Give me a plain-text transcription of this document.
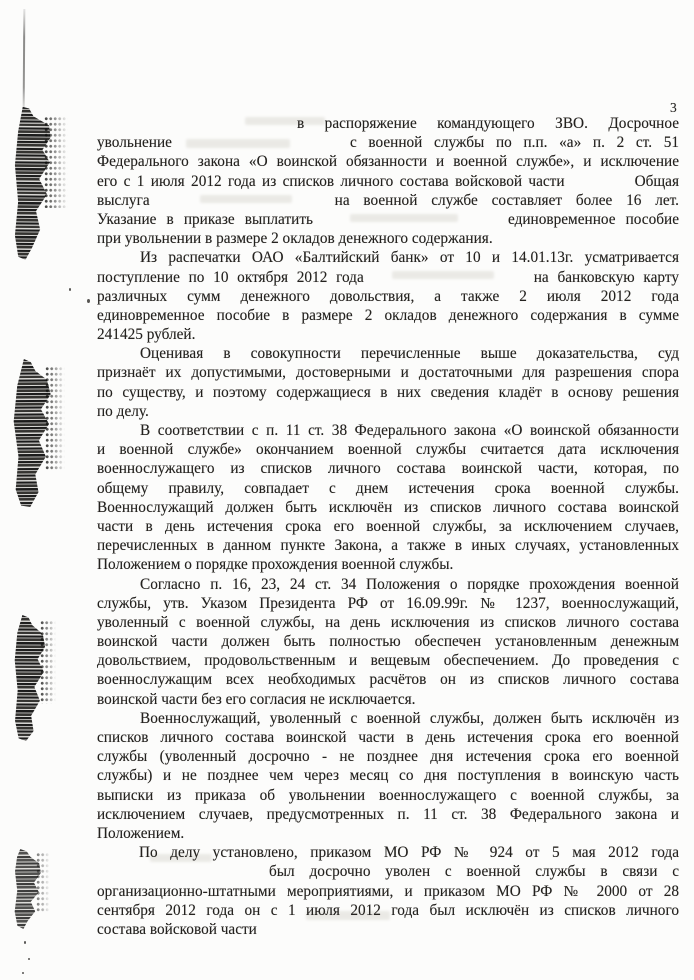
3
в распоряжение командующего ЗВО. Досрочное
увольнение	с военной службы по п.п. «а» п. 2 ст. 51
Федерального закона «О воинской обязанности и военной службе», и исключение
его с 1 июля 2012 года из списков личного состава войсковой части	Общая
выслуга	на военной службе составляет более 16 лет.
Указание в приказе выплатить	единовременное пособие
при увольнении в размере 2 окладов денежного содержания.
Из распечатки ОАО «Балтийский банк» от 10 и 14.01.13г. усматривается
поступление по 10 октября 2012 года	на банковскую карту
различных сумм денежного довольствия, а также 2 июля 2012 года
единовременное пособие в размере 2 окладов денежного содержания в сумме
241425 рублей.
Оценивая в совокупности перечисленные выше доказательства, суд
признаёт их допустимыми, достоверными и достаточными для разрешения спора
по существу, и поэтому содержащиеся в них сведения кладёт в основу решения
по делу.
В соответствии с п. 11 ст. 38 Федерального закона «О воинской обязанности
и военной службе» окончанием военной службы считается дата исключения
военнослужащего из списков личного состава воинской части, которая, по
общему правилу, совпадает с днем истечения срока военной службы.
Военнослужащий должен быть исключён из списков личного состава воинской
части в день истечения срока его военной службы, за исключением случаев,
перечисленных в данном пункте Закона, а также в иных случаях, установленных
Положением о порядке прохождения военной службы.
Согласно п. 16, 23, 24 ст. 34 Положения о порядке прохождения военной
службы, утв. Указом Президента РФ от 16.09.99г. № 1237, военнослужащий,
уволенный с военной службы, на день исключения из списков личного состава
воинской части должен быть полностью обеспечен установленным денежным
довольствием, продовольственным и вещевым обеспечением. До проведения с
военнослужащим всех необходимых расчётов он из списков личного состава
воинской части без его согласия не исключается.
Военнослужащий, уволенный с военной службы, должен быть исключён из
списков личного состава воинской части в день истечения срока его военной
службы (уволенный досрочно - не позднее дня истечения срока его военной
службы) и не позднее чем через месяц со дня поступления в воинскую часть
выписки из приказа об увольнении военнослужащего с военной службы, за
исключением случаев, предусмотренных п. 11 ст. 38 Федерального закона и
Положением.
По делу установлено, приказом МО РФ № 924 от 5 мая 2012 года
был досрочно уволен с военной службы в связи с
организационно-штатными мероприятиями, и приказом МО РФ № 2000 от 28
сентября 2012 года он с 1 июля 2012 года был исключён из списков личного
состава войсковой части
